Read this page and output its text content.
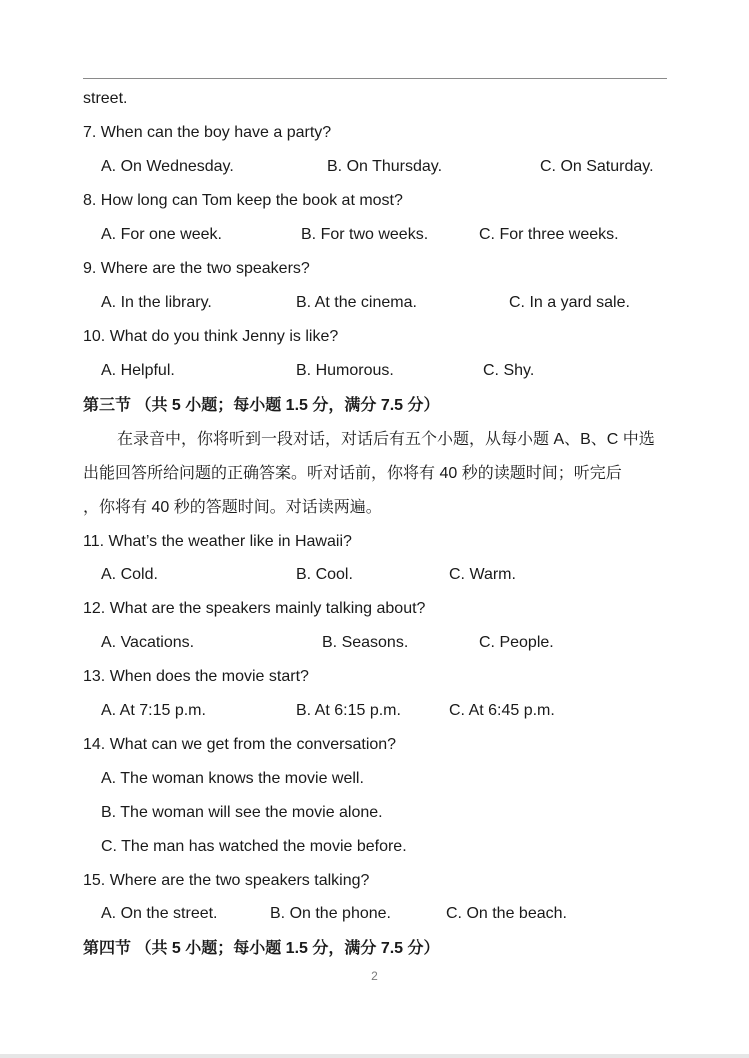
street.
7. When can the boy have a party?
A. On Wednesday.	B. On Thursday.	C. On Saturday.
8. How long can Tom keep the book at most?
A. For one week.	B. For two weeks.	C. For three weeks.
9. Where are the two speakers?
A. In the library.	B. At the cinema.	C. In a yard sale.
10. What do you think Jenny is like?
A. Helpful.	B. Humorous.	C. Shy.
第三节 （共 5 小题；每小题 1.5 分，满分 7.5 分）
在录音中，你将听到一段对话，对话后有五个小题，从每小题 A、B、C 中选
出能回答所给问题的正确答案。听对话前，你将有 40 秒的读题时间；听完后
，你将有 40 秒的答题时间。对话读两遍。
11. What’s the weather like in Hawaii?
A. Cold.	B. Cool.	C. Warm.
12. What are the speakers mainly talking about?
A. Vacations.	B. Seasons.	C. People.
13. When does the movie start?
A. At 7:15 p.m.	B. At 6:15 p.m.	C. At 6:45 p.m.
14. What can we get from the conversation?
A. The woman knows the movie well.
B. The woman will see the movie alone.
C. The man has watched the movie before.
15. Where are the two speakers talking?
A. On the street.	B. On the phone.	C. On the beach.
第四节 （共 5 小题；每小题 1.5 分，满分 7.5 分）
2
